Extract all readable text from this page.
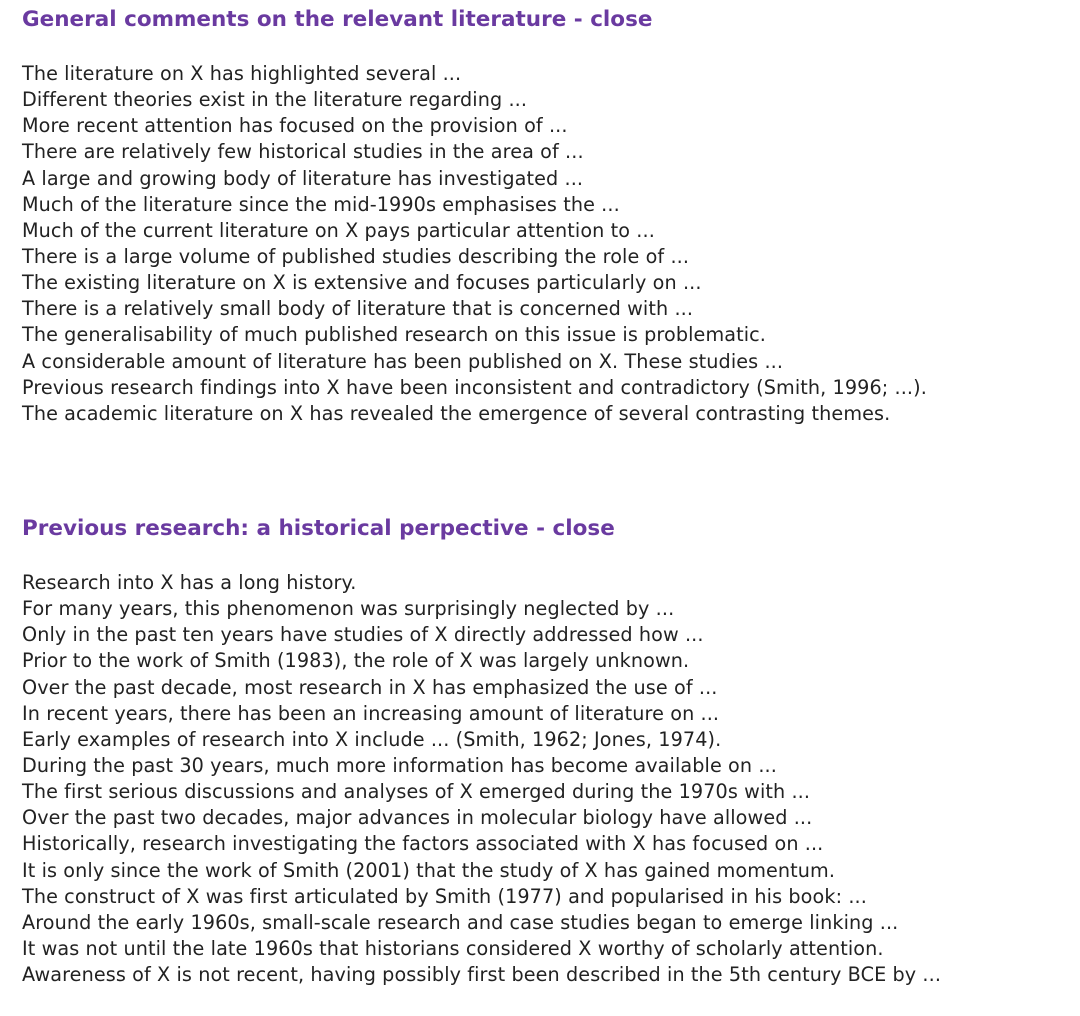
General comments on the relevant literature - close
The literature on X has highlighted several ...
Different theories exist in the literature regarding ...
More recent attention has focused on the provision of ...
There are relatively few historical studies in the area of ...
A large and growing body of literature has investigated ...
Much of the literature since the mid-1990s emphasises the ...
Much of the current literature on X pays particular attention to ...
There is a large volume of published studies describing the role of ...
The existing literature on X is extensive and focuses particularly on ...
There is a relatively small body of literature that is concerned with ...
The generalisability of much published research on this issue is problematic.
A considerable amount of literature has been published on X. These studies ...
Previous research findings into X have been inconsistent and contradictory (Smith, 1996; ...).
The academic literature on X has revealed the emergence of several contrasting themes.
Previous research: a historical perpective - close
Research into X has a long history.
For many years, this phenomenon was surprisingly neglected by ...
Only in the past ten years have studies of X directly addressed how ...
Prior to the work of Smith (1983), the role of X was largely unknown.
Over the past decade, most research in X has emphasized the use of ...
In recent years, there has been an increasing amount of literature on ...
Early examples of research into X include ... (Smith, 1962; Jones, 1974).
During the past 30 years, much more information has become available on ...
The first serious discussions and analyses of X emerged during the 1970s with ...
Over the past two decades, major advances in molecular biology have allowed ...
Historically, research investigating the factors associated with X has focused on ...
It is only since the work of Smith (2001) that the study of X has gained momentum.
The construct of X was first articulated by Smith (1977) and popularised in his book: ...
Around the early 1960s, small-scale research and case studies began to emerge linking ...
It was not until the late 1960s that historians considered X worthy of scholarly attention.
Awareness of X is not recent, having possibly first been described in the 5th century BCE by ...
